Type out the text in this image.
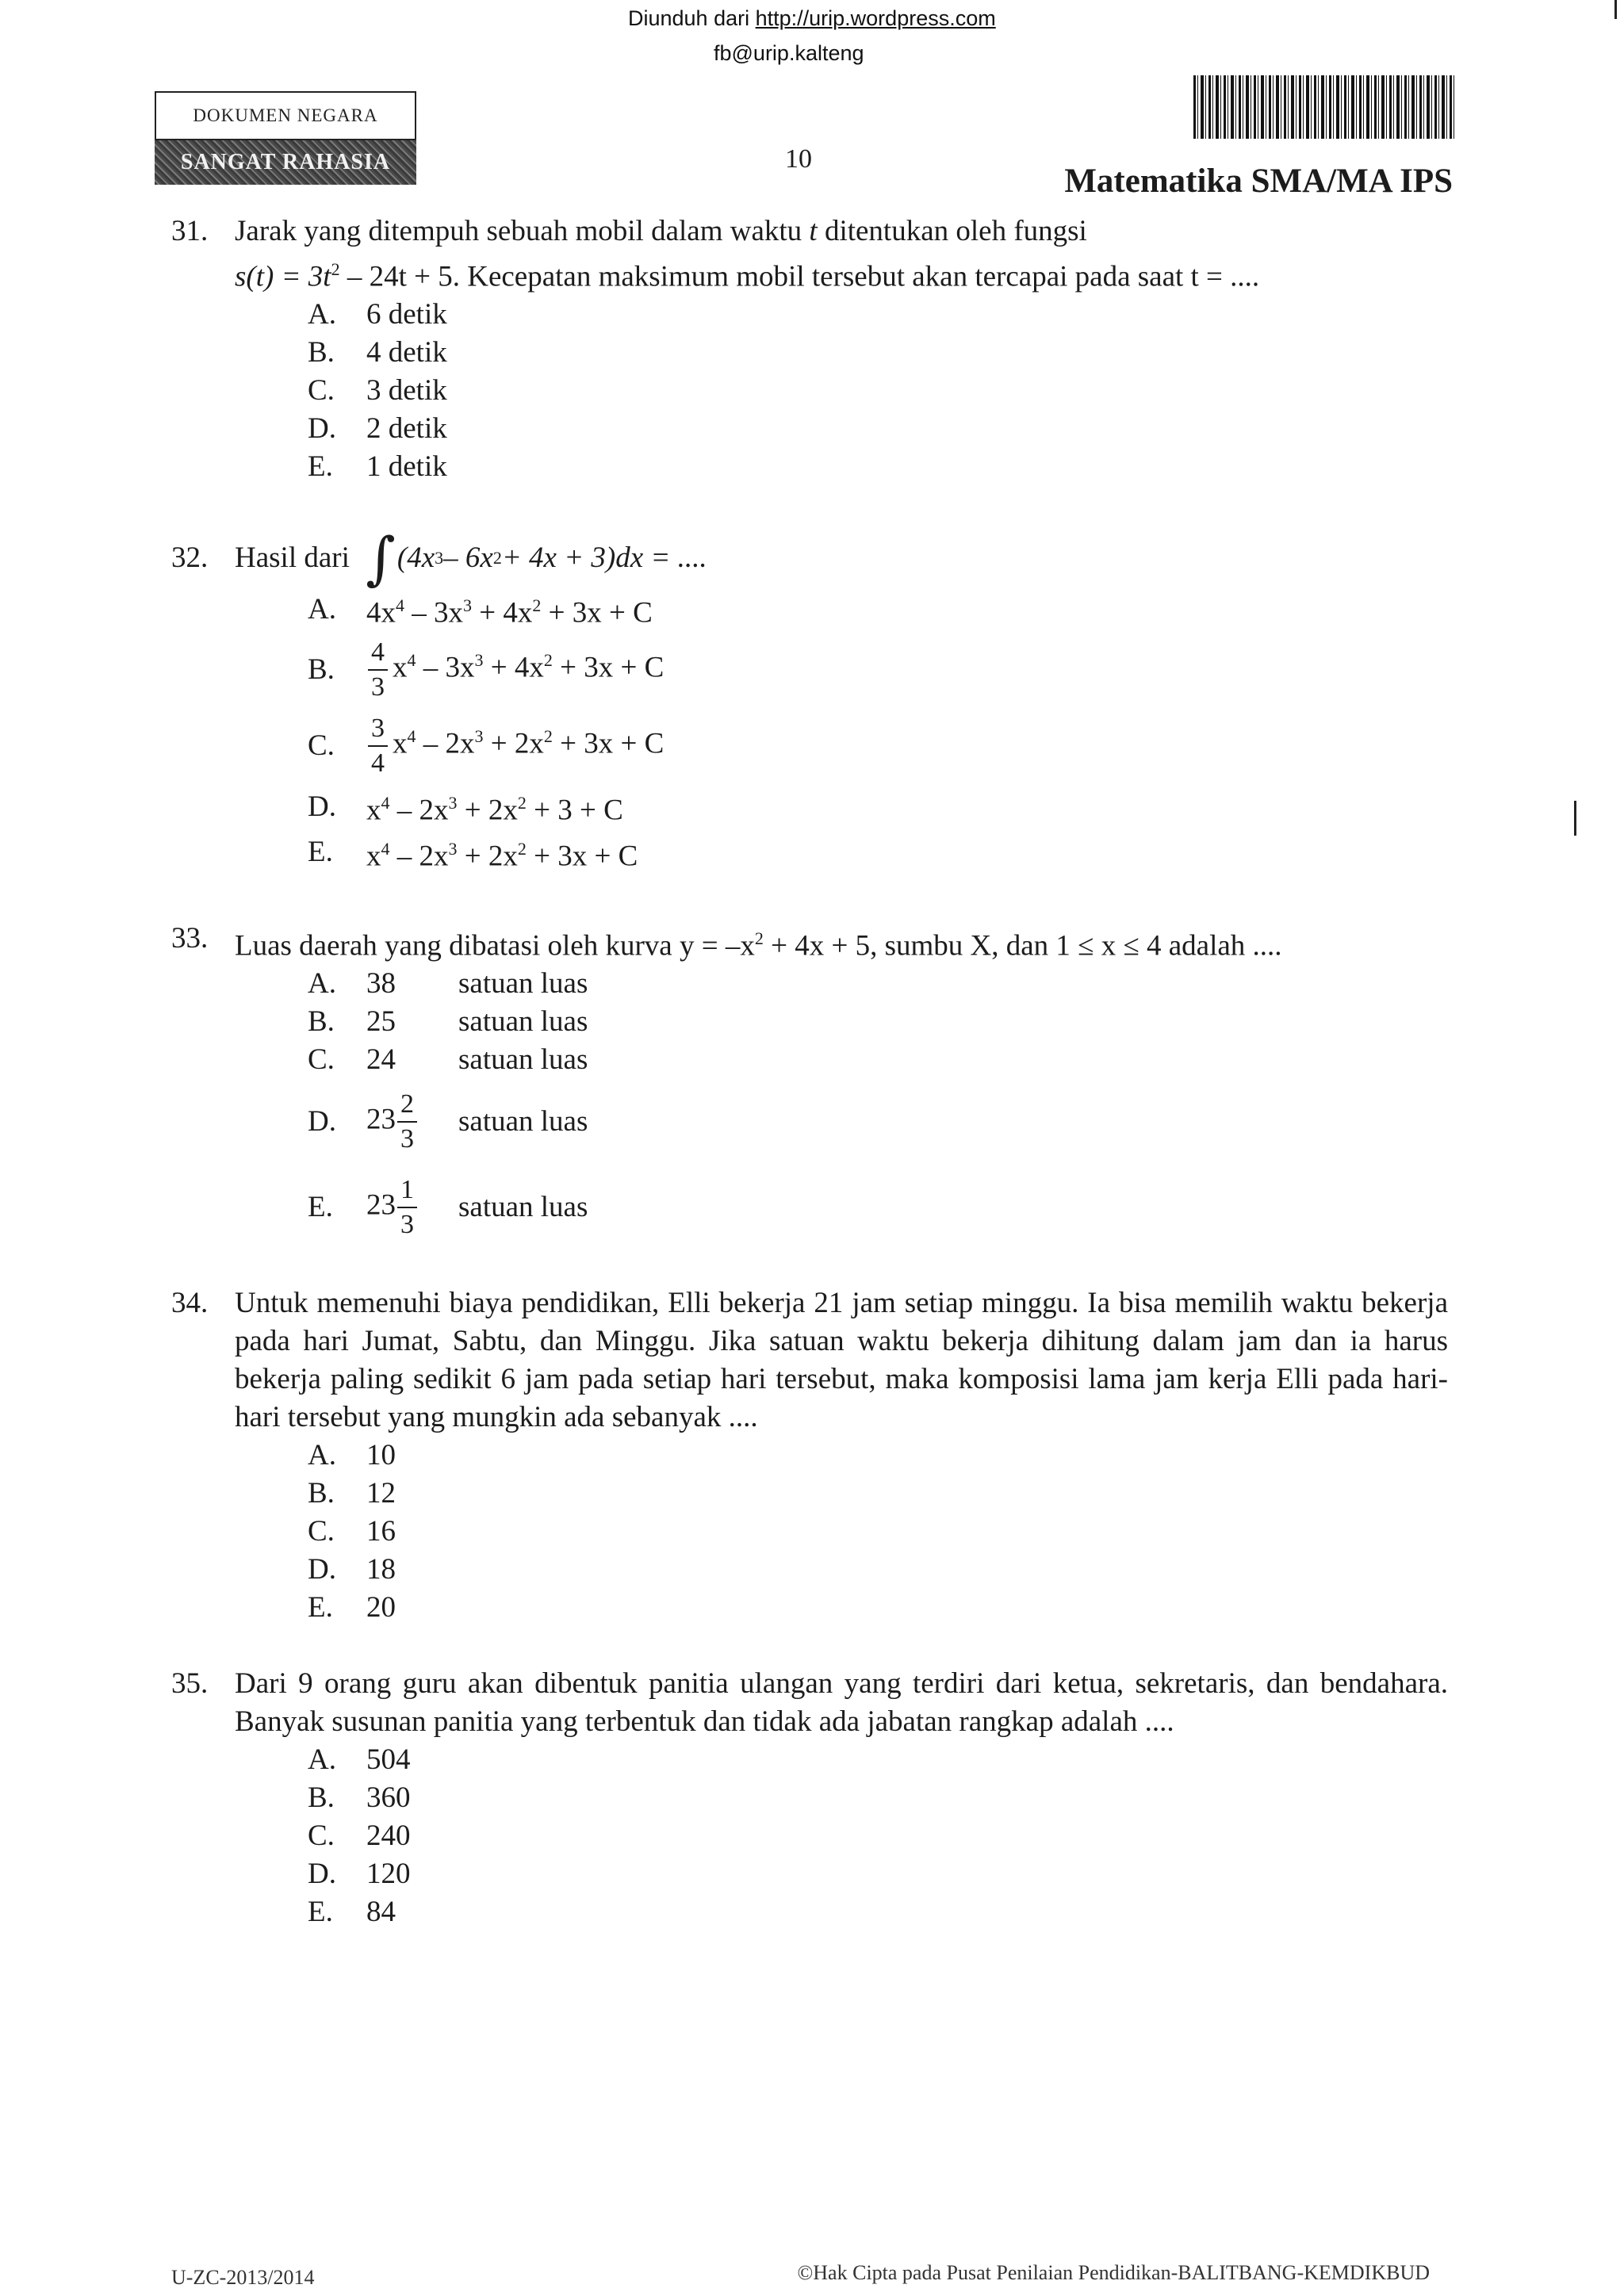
Diunduh dari http://urip.wordpress.com
fb@urip.kalteng
DOKUMEN NEGARA
SANGAT RAHASIA	10
Matematika SMA/MA IPS
31. Jarak yang ditempuh sebuah mobil dalam waktu t ditentukan oleh fungsi
$s(t) = 3t^2 - 24t + 5$. Kecepatan maksimum mobil tersebut akan tercapai pada saat t = ....
A.	6 detik
B.	4 detik
C.	3 detik
D.	2 detik
E.	1 detik
32. Hasil dari
∫ (4x 3 – 6x 2 + 4x + 3)dx = ....
A.	$4x^4 - 3x^3 + 4x^2 + 3x + C$
B.	$\frac{4}{3} x^4 - 3x^3 + 4x^2 + 3x + C$
C.	$\frac{3}{4} x^4 - 2x^3 + 2x^2 + 3x + C$
D.	$x^4 - 2x^3 + 2x^2 + 3 + C$
E.	$x^4 - 2x^3 + 2x^2 + 3x + C$
33. Luas daerah yang dibatasi oleh kurva $y = -x^2 + 4x + 5$, sumbu X, dan 1 ≤ x ≤ 4 adalah ....
A.	38	satuan luas
B.	25	satuan luas
C.	24	satuan luas
D.	$23 \frac{2}{3}$ satuan luas
E.	$23 \frac{1}{3}$ satuan luas
34. Untuk memenuhi biaya pendidikan, Elli bekerja 21 jam setiap minggu. Ia bisa memilih waktu bekerja pada hari Jumat, Sabtu, dan Minggu. Jika satuan waktu bekerja dihitung dalam jam dan ia harus bekerja paling sedikit 6 jam pada setiap hari tersebut, maka komposisi lama jam kerja Elli pada hari-hari tersebut yang mungkin ada sebanyak ....
A.	10
B.	12
C.	16
D.	18
E.	20
35. Dari 9 orang guru akan dibentuk panitia ulangan yang terdiri dari ketua, sekretaris, dan bendahara. Banyak susunan panitia yang terbentuk dan tidak ada jabatan rangkap adalah ....
A.	504
B.	360
C.	240
D.	120
E.	84
U-ZC-2013/2014	©Hak Cipta pada Pusat Penilaian Pendidikan-BALITBANG-KEMDIKBUD
